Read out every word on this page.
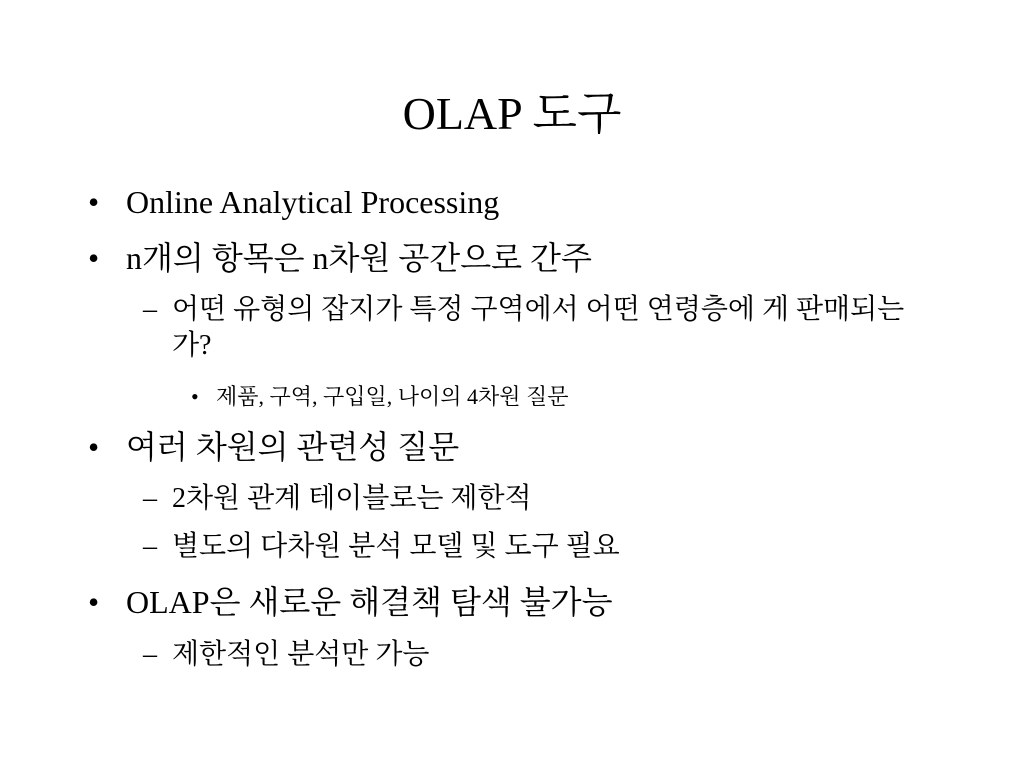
OLAP 도구
• Online Analytical Processing
• n개의 항목은 n차원 공간으로 간주
– 어떤 유형의 잡지가 특정 구역에서 어떤 연령층에 게 판매되는 가?
• 제품, 구역, 구입일, 나이의 4차원 질문
• 여러 차원의 관련성 질문
– 2차원 관계 테이블로는 제한적
– 별도의 다차원 분석 모델 및 도구 필요
• OLAP은 새로운 해결책 탐색 불가능
– 제한적인 분석만 가능
